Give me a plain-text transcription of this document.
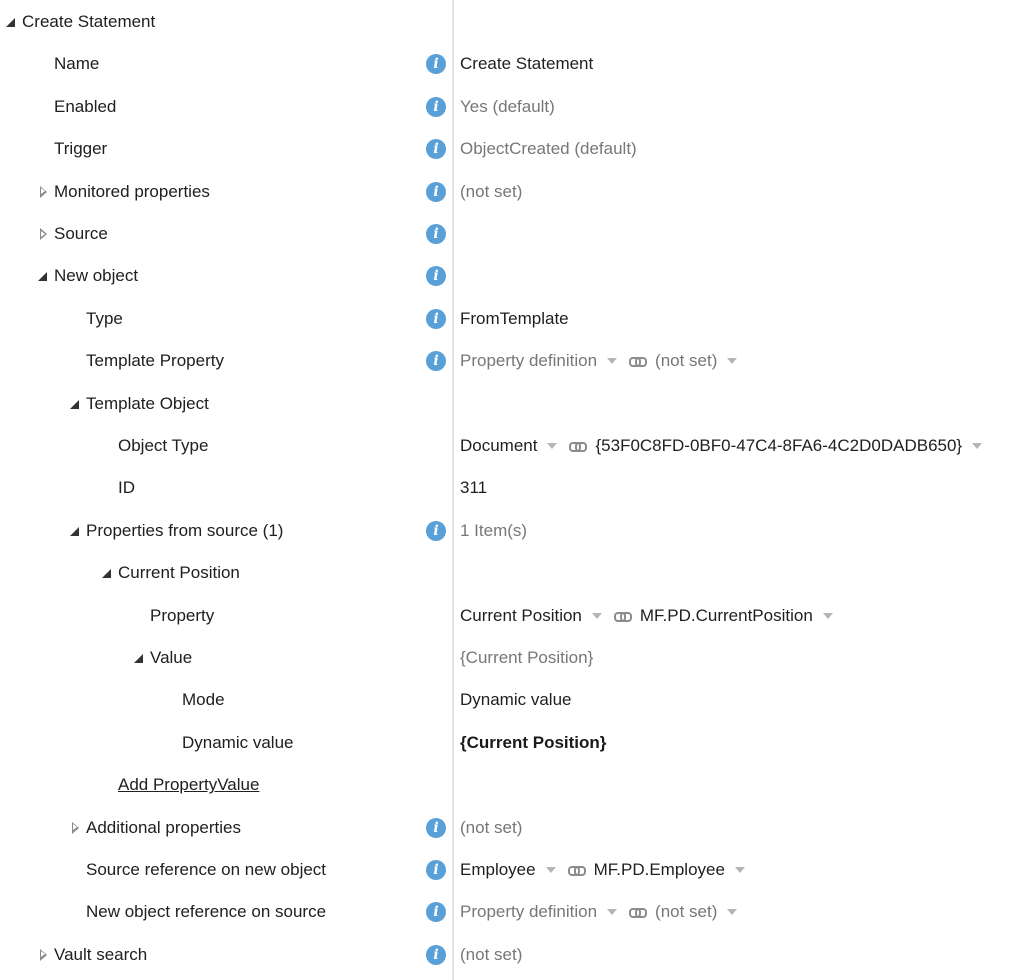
Create Statement
Name	i	Create Statement
Enabled	i	Yes (default)
Trigger	i	ObjectCreated (default)
Monitored properties	i	(not set)
Source	i
New object	i
Type	i	FromTemplate
Template Property	i	Property definition	(not set)
Template Object
Object Type	Document	{53F0C8FD-0BF0-47C4-8FA6-4C2D0DADB650}
ID	311
Properties from source (1)	i	1 Item(s)
Current Position
Property	Current Position	MF.PD.CurrentPosition
Value	{Current Position}
Mode	Dynamic value
Dynamic value	{Current Position}
Add PropertyValue
Additional properties	i	(not set)
Source reference on new object	i	Employee	MF.PD.Employee
New object reference on source	i	Property definition	(not set)
Vault search	i	(not set)
